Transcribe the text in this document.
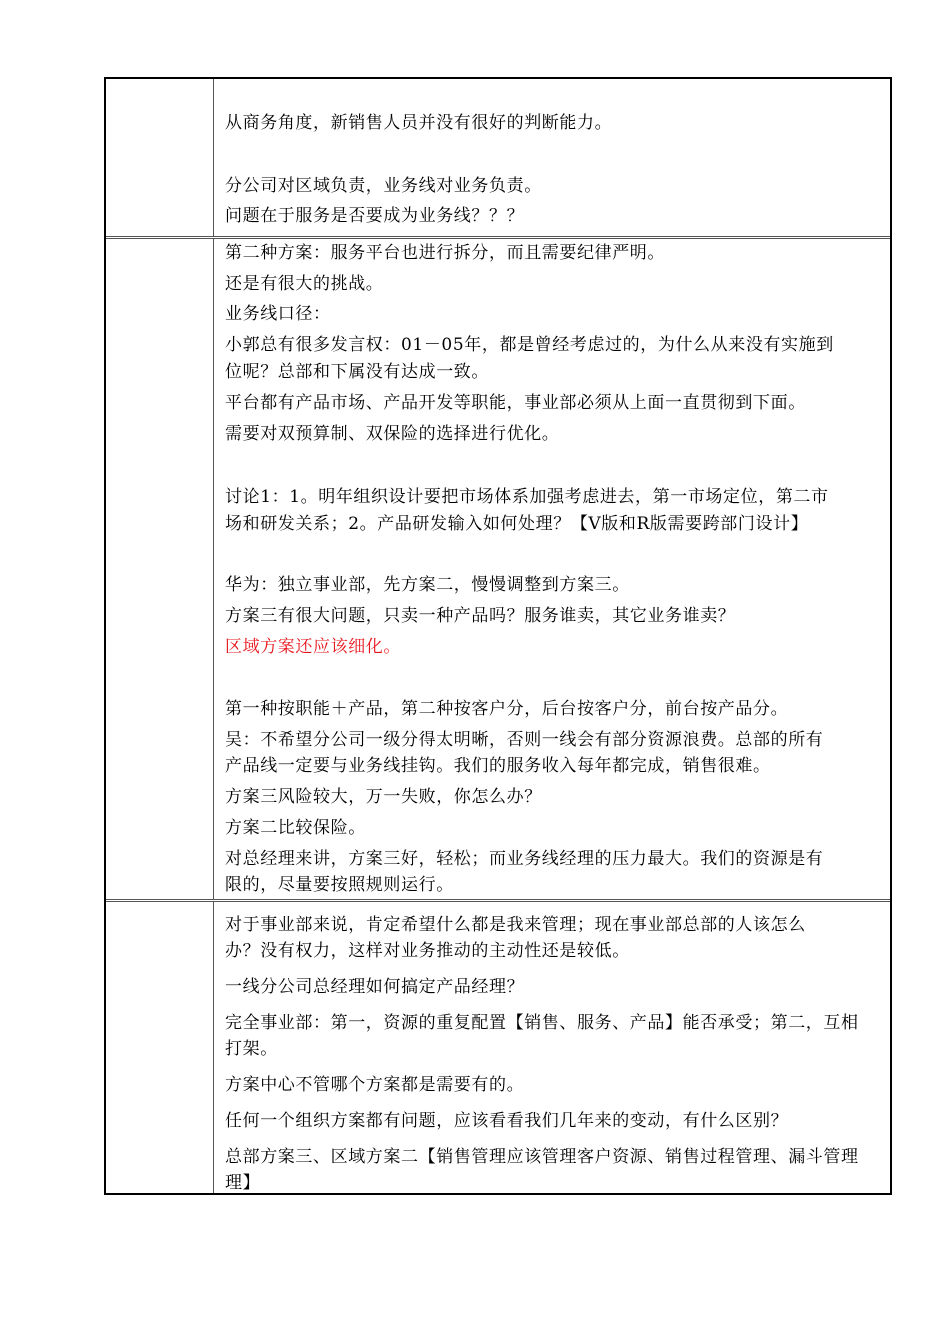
从商务角度，新销售人员并没有很好的判断能力。

分公司对区域负责，业务线对业务负责。

问题在于服务是否要成为业务线？？？

第二种方案：服务平台也进行拆分，而且需要纪律严明。

还是有很大的挑战。

业务线口径：

小郭总有很多发言权：01－05年，都是曾经考虑过的，为什么从来没有实施到

位呢？总部和下属没有达成一致。

平台都有产品市场、产品开发等职能，事业部必须从上面一直贯彻到下面。

需要对双预算制、双保险的选择进行优化。

讨论1：1。明年组织设计要把市场体系加强考虑进去，第一市场定位，第二市

场和研发关系；2。产品研发输入如何处理？【V版和R版需要跨部门设计】

华为：独立事业部，先方案二，慢慢调整到方案三。

方案三有很大问题，只卖一种产品吗？服务谁卖，其它业务谁卖？

区域方案还应该细化。

第一种按职能＋产品，第二种按客户分，后台按客户分，前台按产品分。

吴：不希望分公司一级分得太明晰，否则一线会有部分资源浪费。总部的所有

产品线一定要与业务线挂钩。我们的服务收入每年都完成，销售很难。

方案三风险较大，万一失败，你怎么办？

方案二比较保险。

对总经理来讲，方案三好，轻松；而业务线经理的压力最大。我们的资源是有

限的，尽量要按照规则运行。

对于事业部来说，肯定希望什么都是我来管理；现在事业部总部的人该怎么

办？没有权力，这样对业务推动的主动性还是较低。

一线分公司总经理如何搞定产品经理？

完全事业部：第一，资源的重复配置【销售、服务、产品】能否承受；第二，互相

打架。

方案中心不管哪个方案都是需要有的。

任何一个组织方案都有问题，应该看看我们几年来的变动，有什么区别？

总部方案三、区域方案二【销售管理应该管理客户资源、销售过程管理、漏斗管理

理】
